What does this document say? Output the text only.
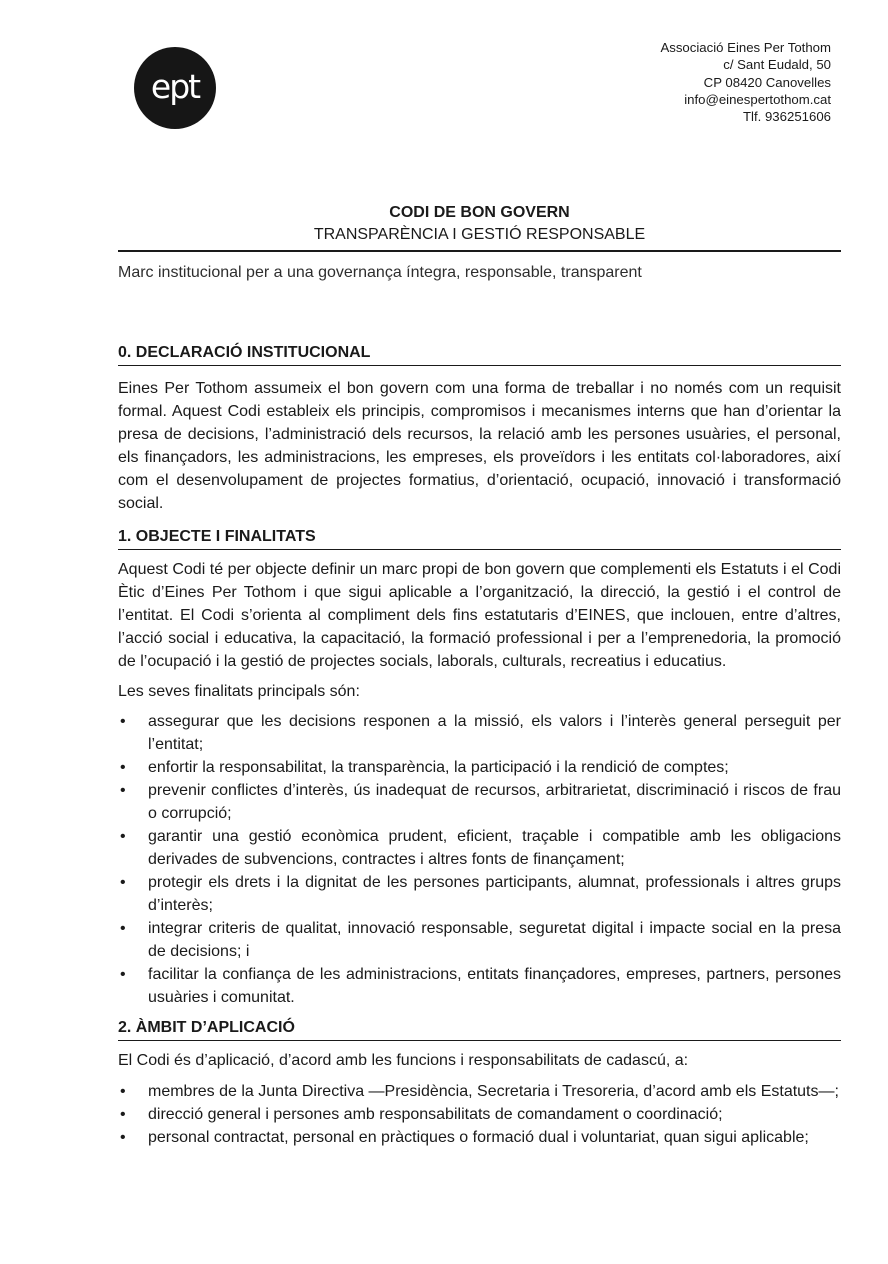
ept
Associació Eines Per Tothom
c/ Sant Eudald, 50
CP 08420 Canovelles
info@einespertothom.cat
Tlf. 936251606
CODI DE BON GOVERN
TRANSPARÈNCIA I GESTIÓ RESPONSABLE
Marc institucional per a una governança íntegra, responsable, transparent
0. DECLARACIÓ INSTITUCIONAL

Eines Per Tothom assumeix el bon govern com una forma de treballar i no només com un requisit formal. Aquest Codi estableix els principis, compromisos i mecanismes interns que han d’orientar la presa de decisions, l’administració dels recursos, la relació amb les persones usuàries, el personal, els finançadors, les administracions, les empreses, els proveïdors i les entitats col·laboradores, així com el desenvolupament de projectes formatius, d’orientació, ocupació, innovació i transformació social.

1. OBJECTE I FINALITATS

Aquest Codi té per objecte definir un marc propi de bon govern que complementi els Estatuts i el Codi Ètic d’Eines Per Tothom i que sigui aplicable a l’organització, la direcció, la gestió i el control de l’entitat. El Codi s’orienta al compliment dels fins estatutaris d’EINES, que inclouen, entre d’altres, l’acció social i educativa, la capacitació, la formació professional i per a l’emprenedoria, la promoció de l’ocupació i la gestió de projectes socials, laborals, culturals, recreatius i educatius.

Les seves finalitats principals són:

• assegurar que les decisions responen a la missió, els valors i l’interès general perseguit per l’entitat;
• enfortir la responsabilitat, la transparència, la participació i la rendició de comptes;
• prevenir conflictes d’interès, ús inadequat de recursos, arbitrarietat, discriminació i riscos de frau o corrupció;
• garantir una gestió econòmica prudent, eficient, traçable i compatible amb les obligacions derivades de subvencions, contractes i altres fonts de finançament;
• protegir els drets i la dignitat de les persones participants, alumnat, professionals i altres grups d’interès;
• integrar criteris de qualitat, innovació responsable, seguretat digital i impacte social en la presa de decisions; i
• facilitar la confiança de les administracions, entitats finançadores, empreses, partners, persones usuàries i comunitat.
2. ÀMBIT D’APLICACIÓ

El Codi és d’aplicació, d’acord amb les funcions i responsabilitats de cadascú, a:

• membres de la Junta Directiva —Presidència, Secretaria i Tresoreria, d’acord amb els Estatuts—;
• direcció general i persones amb responsabilitats de comandament o coordinació;
• personal contractat, personal en pràctiques o formació dual i voluntariat, quan sigui aplicable;
